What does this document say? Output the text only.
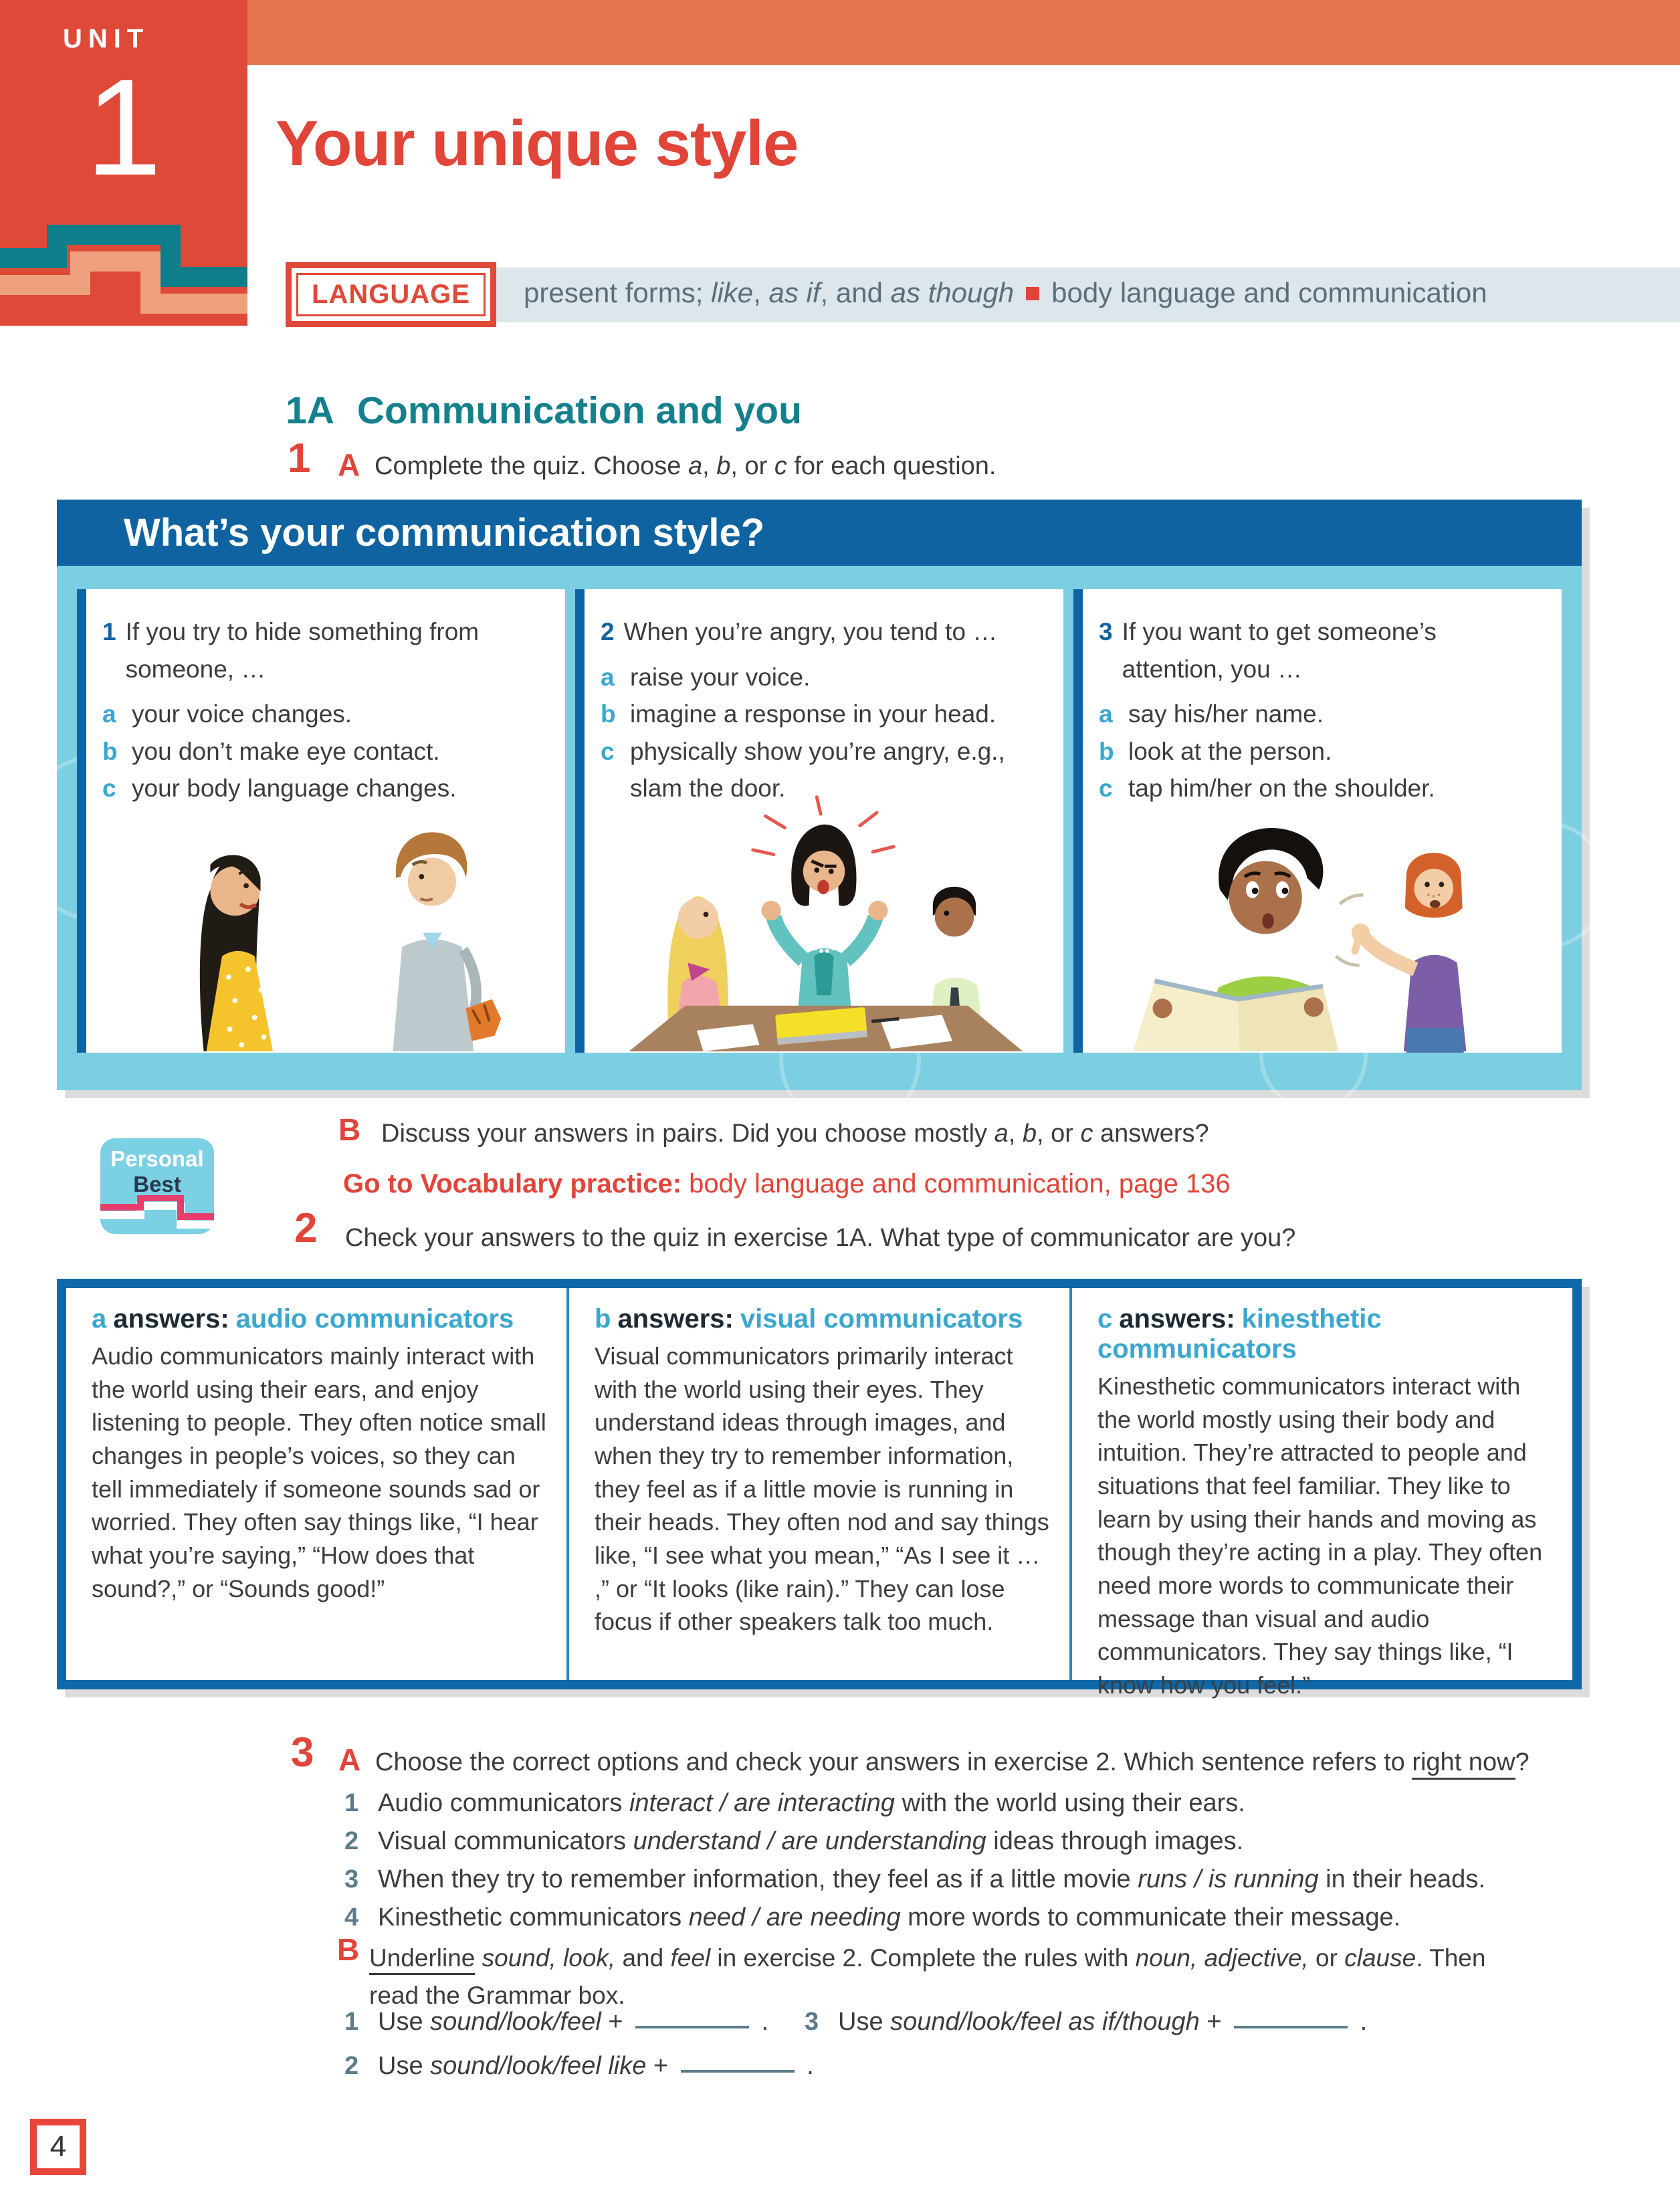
UNIT
1	Your unique style
present forms; like, as if, and as though body language and communication
LANGUAGE
1A Communication and you
1 A Complete the quiz. Choose a, b, or c for each question.
What’s your communication style?
1 If you try to hide something from someone, …
a your voice changes.
b you don’t make eye contact.
c your body language changes.
2 When you’re angry, you tend to …
a raise your voice.
b imagine a response in your head.
c physically show you’re angry, e.g., slam the door.
3 If you want to get someone’s attention, you …
a say his/her name.
b look at the person.
c tap him/her on the shoulder.
B Discuss your answers in pairs. Did you choose mostly a, b, or c answers?
Personal
Best	Go to Vocabulary practice: body language and communication, page 136
2 Check your answers to the quiz in exercise 1A. What type of communicator are you?
a answers: audio communicators
Audio communicators mainly interact with the world using their ears, and enjoy listening to people. They often notice small changes in people’s voices, so they can tell immediately if someone sounds sad or worried. They often say things like, “I hear what you’re saying,” “How does that sound?,” or “Sounds good!”
b answers: visual communicators
Visual communicators primarily interact with the world using their eyes. They understand ideas through images, and when they try to remember information, they feel as if a little movie is running in their heads. They often nod and say things like, “I see what you mean,” “As I see it … ,” or “It looks (like rain).” They can lose focus if other speakers talk too much.
c answers: kinesthetic communicators
Kinesthetic communicators interact with the world mostly using their body and intuition. They’re attracted to people and situations that feel familiar. They like to learn by using their hands and moving as though they’re acting in a play. They often need more words to communicate their message than visual and audio communicators. They say things like, “I know how you feel.”
3 A Choose the correct options and check your answers in exercise 2. Which sentence refers to right now?
1 Audio communicators interact / are interacting with the world using their ears.
2 Visual communicators understand / are understanding ideas through images.
3 When they try to remember information, they feel as if a little movie runs / is running in their heads.
4 Kinesthetic communicators need / are needing more words to communicate their message.
B Underline sound, look, and feel in exercise 2. Complete the rules with noun, adjective, or clause. Then
read the Grammar box.
1 Use sound/look/feel +	.
2 Use sound/look/feel like +	.
3 Use sound/look/feel as if/though +	.
4
